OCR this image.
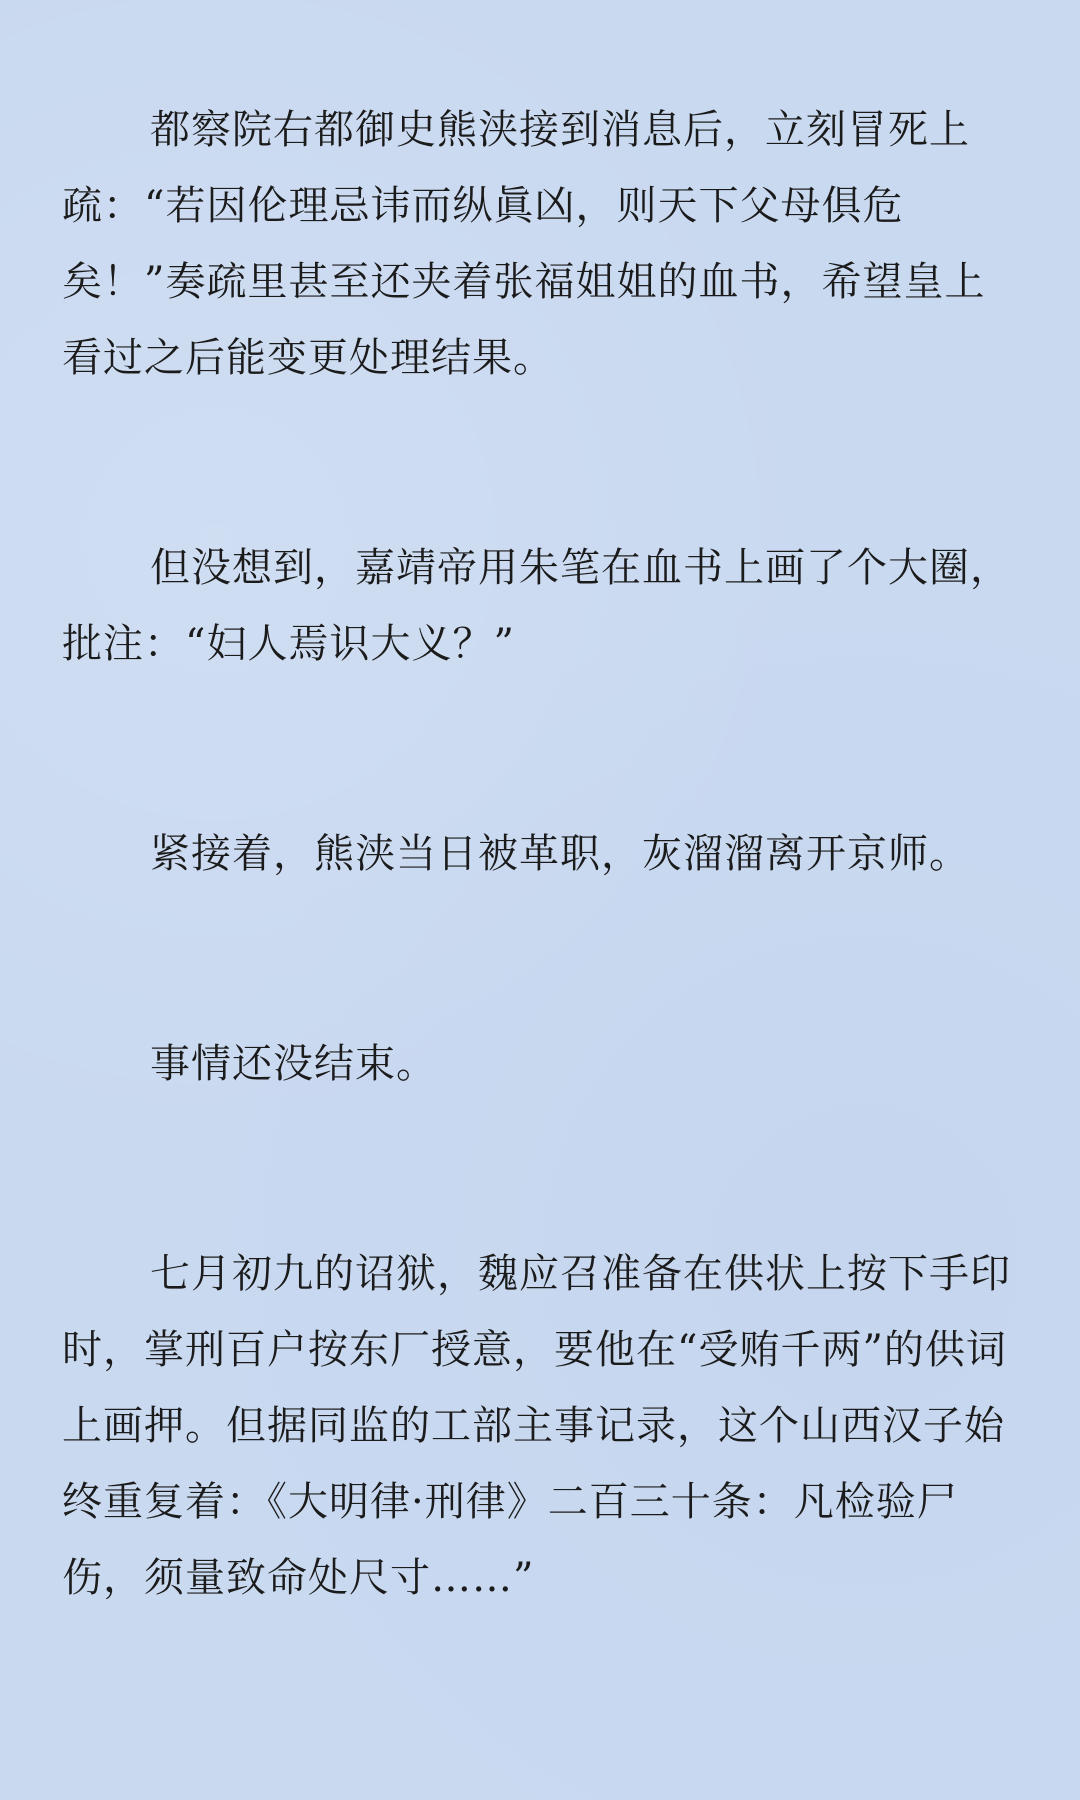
都察院右都御史熊浃接到消息后，立刻冒死上疏：“若因伦理忌讳而纵眞凶，则天下父母俱危矣！”奏疏里甚至还夹着张福姐姐的血书，希望皇上看过之后能变更处理结果。

但没想到，嘉靖帝用朱笔在血书上画了个大圈，批注：“妇人焉识大义？”

紧接着，熊浃当日被革职，灰溜溜离开京师。

事情还没结束。

七月初九的诏狱，魏应召准备在供状上按下手印时，掌刑百户按东厂授意，要他在“受贿千两”的供词上画押。但据同监的工部主事记录，这个山西汉子始终重复着：《大明律·刑律》二百三十条：凡检验尸伤，须量致命处尺寸……”
